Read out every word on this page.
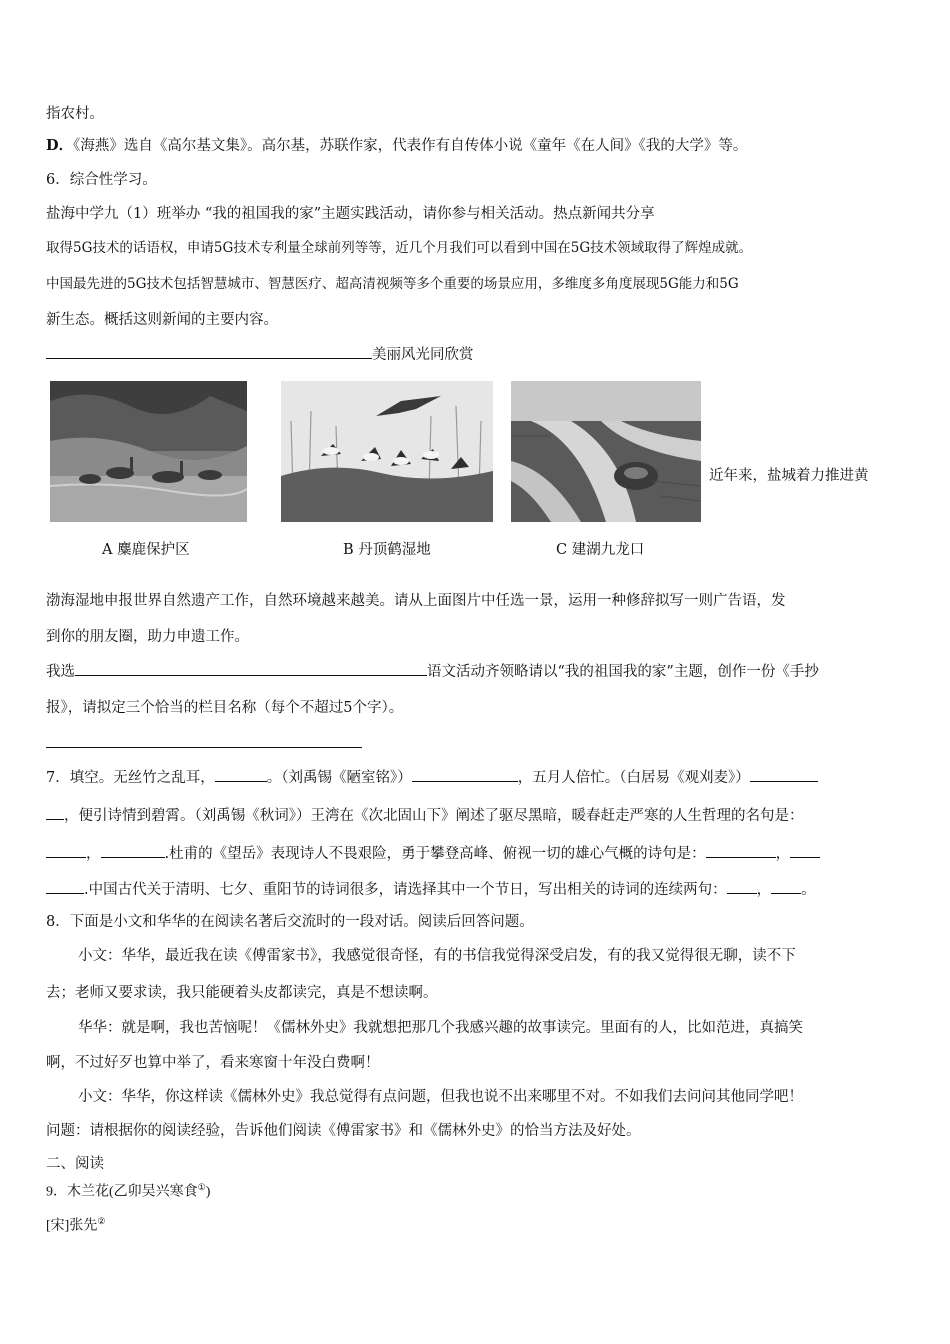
指农村。
D．《海燕》选自《高尔基文集》。高尔基，苏联作家，代表作有自传体小说《童年《在人间》《我的大学》等。
6．综合性学习。
盐海中学九（1）班举办 “我的祖国我的家”主题实践活动，请你参与相关活动。热点新闻共分享
取得5G技术的话语权，申请5G技术专利量全球前列等等，近几个月我们可以看到中国在5G技术领域取得了辉煌成就。
中国最先进的5G技术包括智慧城市、智慧医疗、超高清视频等多个重要的场景应用，多维度多角度展现5G能力和5G
新生态。概括这则新闻的主要内容。
美丽风光同欣赏
近年来，盐城着力推进黄
A 麋鹿保护区	B 丹顶鹤湿地	C 建湖九龙口
渤海湿地申报世界自然遗产工作，自然环境越来越美。请从上面图片中任选一景，运用一种修辞拟写一则广告语，发
到你的朋友圈，助力申遗工作。
我选	语文活动齐领略请以“我的祖国我的家”主题，创作一份《手抄
报》，请拟定三个恰当的栏目名称（每个不超过5个字）。
7．填空。无丝竹之乱耳，	。（刘禹锡《陋室铭》）	，五月人倍忙。（白居易《观刈麦》）
，便引诗情到碧霄。（刘禹锡《秋词》）王湾在《次北固山下》阐述了驱尽黑暗，暖春赶走严寒的人生哲理的名句是：
，	.杜甫的《望岳》表现诗人不畏艰险，勇于攀登高峰、俯视一切的雄心气概的诗句是：	，
.中国古代关于清明、七夕、重阳节的诗词很多，请选择其中一个节日，写出相关的诗词的连续两句： ， 。
8．下面是小文和华华的在阅读名著后交流时的一段对话。阅读后回答问题。
小文：华华，最近我在读《傅雷家书》，我感觉很奇怪，有的书信我觉得深受启发，有的我又觉得很无聊，读不下
去；老师又要求读，我只能硬着头皮都读完，真是不想读啊。
华华：就是啊，我也苦恼呢！《儒林外史》我就想把那几个我感兴趣的故事读完。里面有的人，比如范进，真搞笑
啊，不过好歹也算中举了，看来寒窗十年没白费啊！
小文：华华，你这样读《儒林外史》我总觉得有点问题，但我也说不出来哪里不对。不如我们去问问其他同学吧！
问题：请根据你的阅读经验，告诉他们阅读《傅雷家书》和《儒林外史》的恰当方法及好处。
二、阅读
9．木兰花(乙卯吴兴寒食①)
[宋]张先②
